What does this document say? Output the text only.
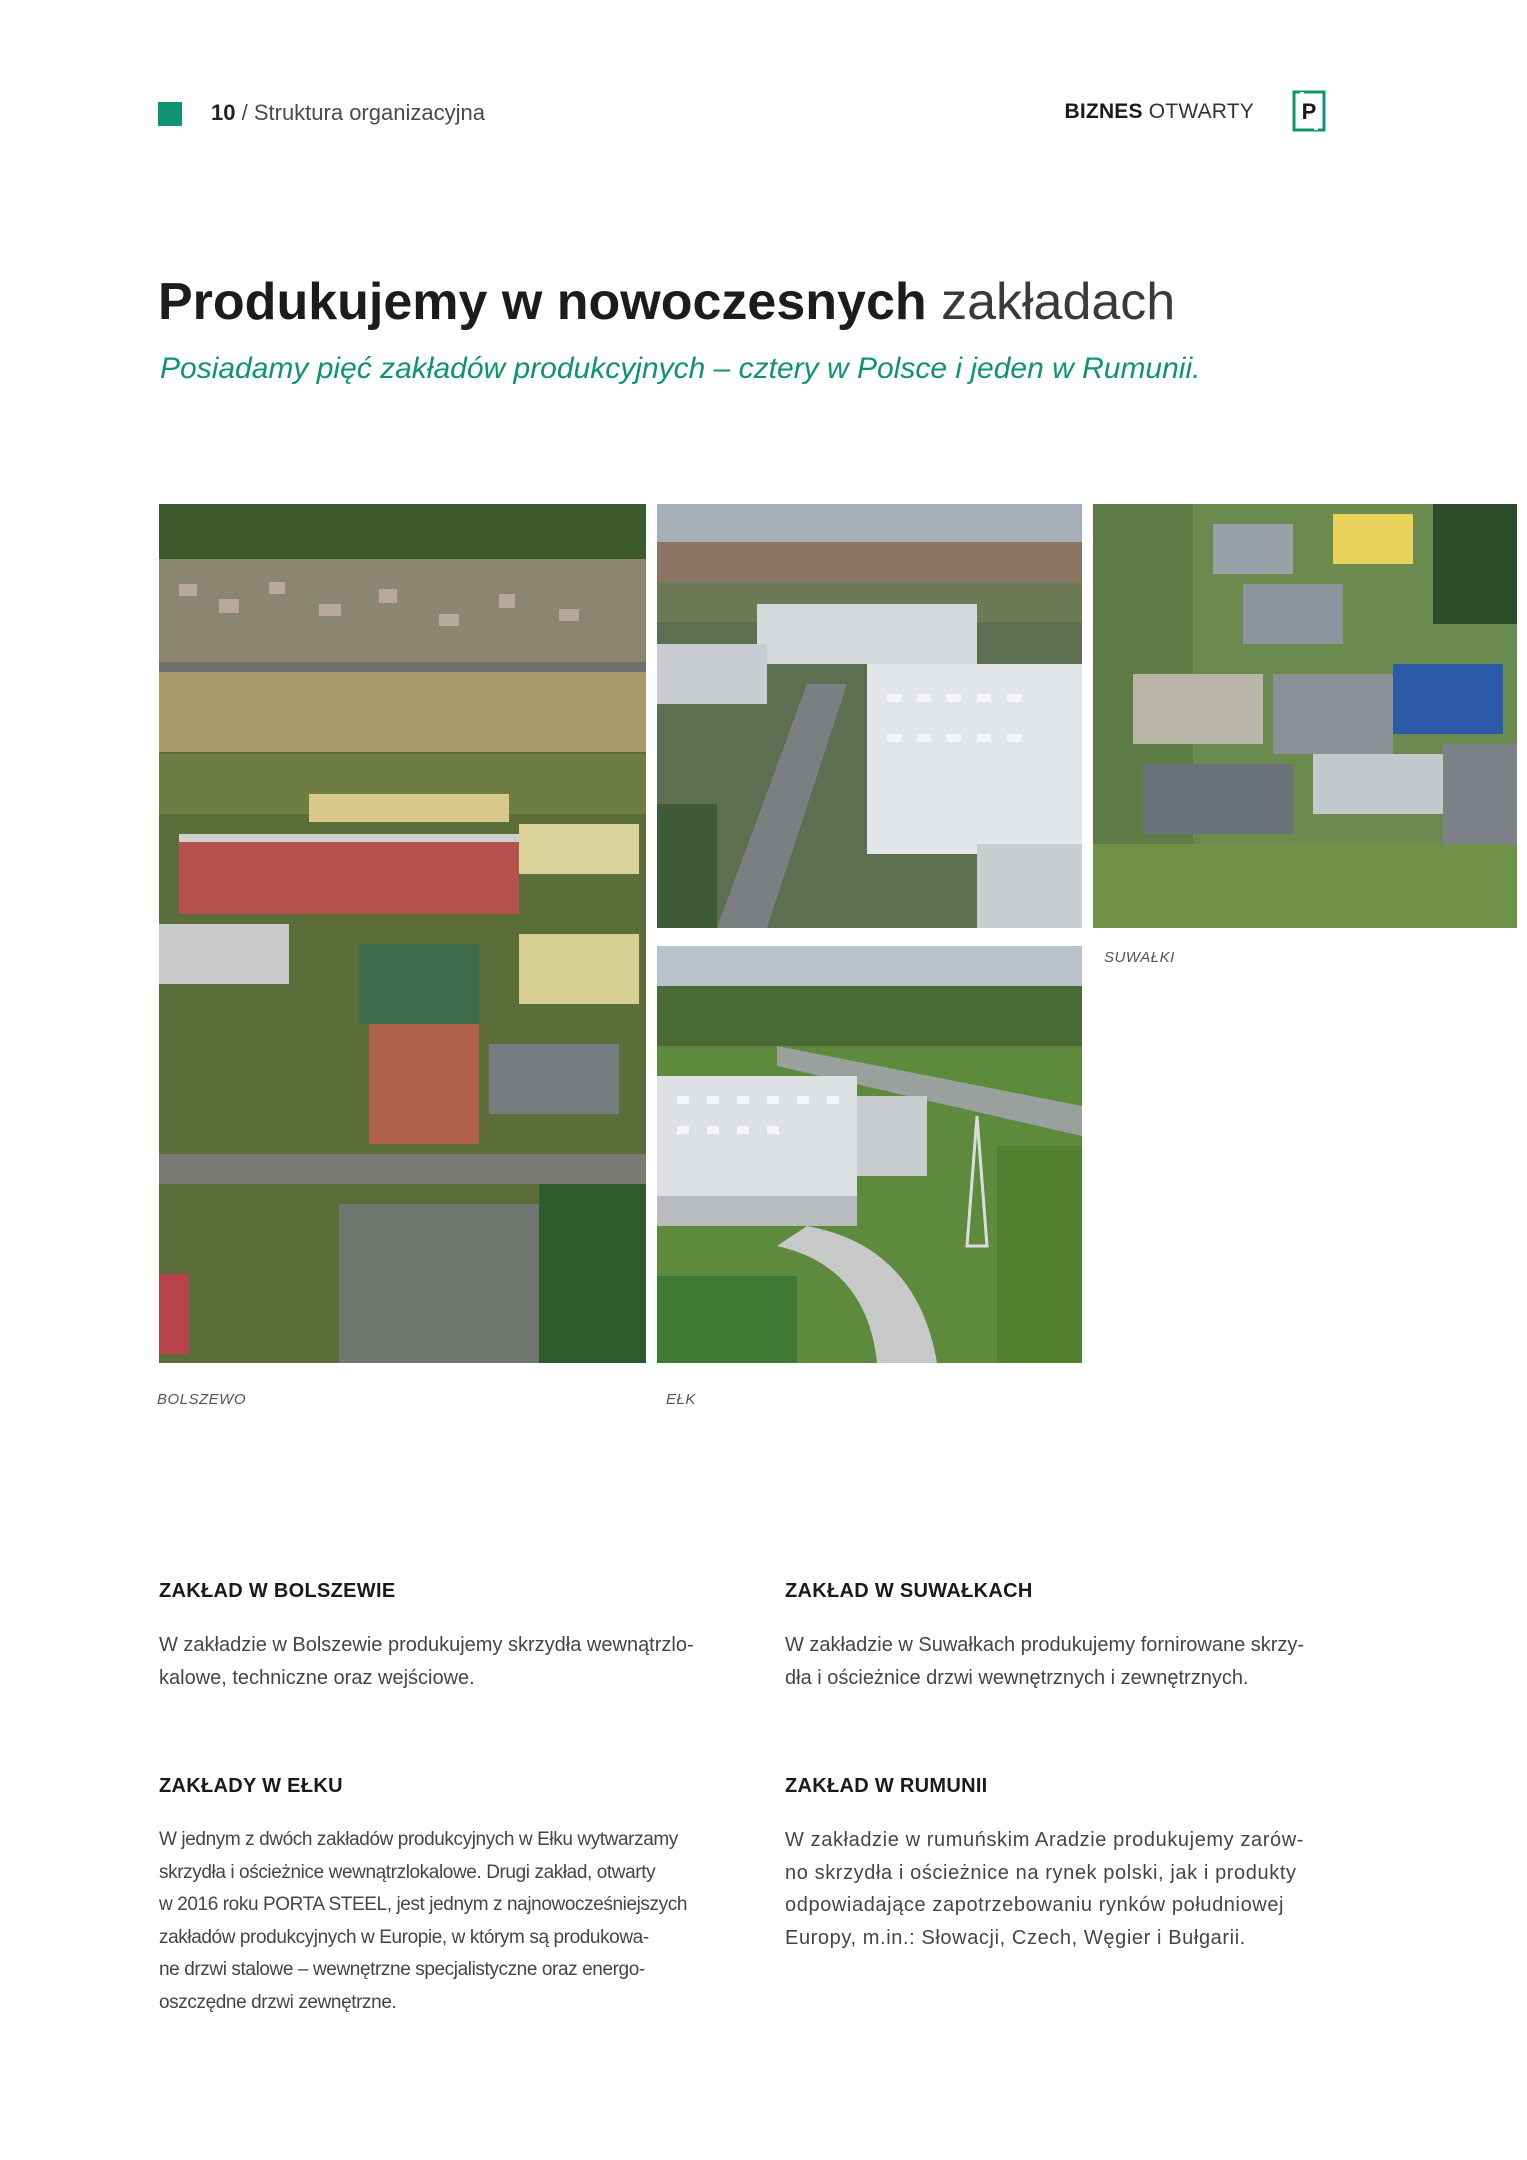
10 / Struktura organizacyjna	BIZNES OTWARTY P
Produkujemy w nowoczesnych zakładach
Posiadamy pięć zakładów produkcyjnych – cztery w Polsce i jeden w Rumunii.
SUWAŁKI
BOLSZEWO	EŁK
ZAKŁAD W BOLSZEWIE

W zakładzie w Bolszewie produkujemy skrzydła wewnątrzlo-
kalowe, techniczne oraz wejściowe.

ZAKŁAD W SUWAŁKACH

W zakładzie w Suwałkach produkujemy fornirowane skrzy-
dła i ościeżnice drzwi wewnętrznych i zewnętrznych.

ZAKŁADY W EŁKU

W jednym z dwóch zakładów produkcyjnych w Ełku wytwarzamy
skrzydła i ościeżnice wewnątrzlokalowe. Drugi zakład, otwarty
w 2016 roku PORTA STEEL, jest jednym z najnowocześniejszych
zakładów produkcyjnych w Europie, w którym są produkowa-
ne drzwi stalowe – wewnętrzne specjalistyczne oraz energo-
oszczędne drzwi zewnętrzne.

ZAKŁAD W RUMUNII

W zakładzie w rumuńskim Aradzie produkujemy zarów-
no skrzydła i ościeżnice na rynek polski, jak i produkty
odpowiadające zapotrzebowaniu rynków południowej
Europy, m.in.: Słowacji, Czech, Węgier i Bułgarii.
